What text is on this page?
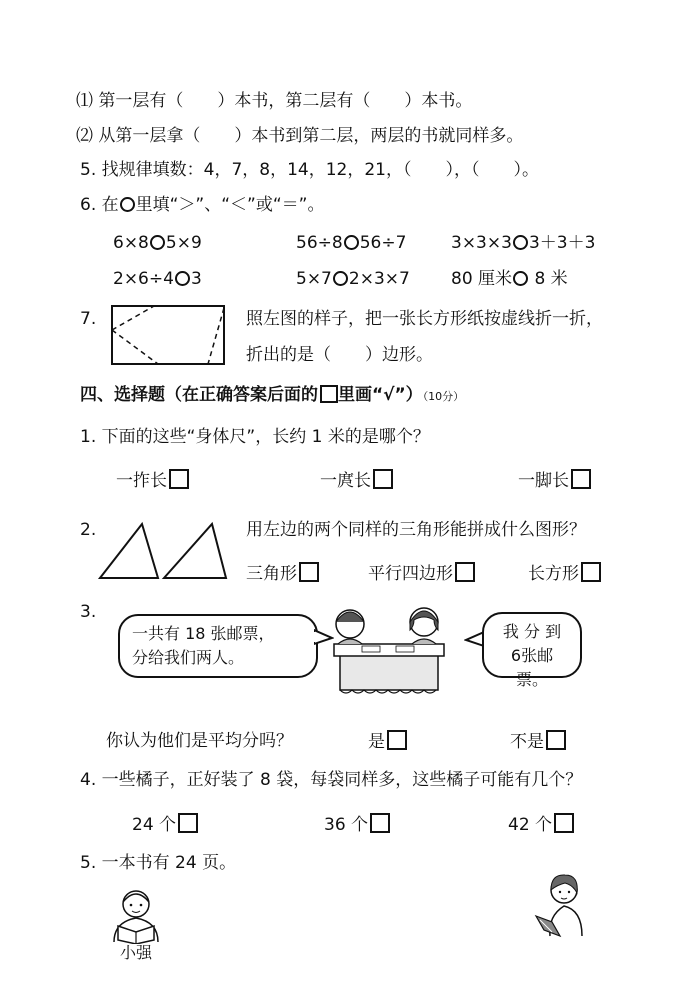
⑴ 第一层有（　　）本书，第二层有（　　）本书。
⑵ 从第一层拿（　　）本书到第二层，两层的书就同样多。
5. 找规律填数：4，7，8，14，12，21，（　　），（　　）。
6. 在 里填“＞”、“＜”或“＝”。
6×8 5×9	56÷8 56÷7	3×3×3 3＋3＋3
2×6÷4 3	5×7 2×3×7 80 厘米 8 米
7.	照左图的样子，把一张长方形纸按虚线折一折，
折出的是（　　）边形。
四、选择题（在正确答案后面的 里画“√”）（10分）
1. 下面的这些“身体尺”，长约 1 米的是哪个？
一拃长	一庹长	一脚长
2.	用左边的两个同样的三角形能拼成什么图形？
三角形	平行四边形	长方形
3.
一共有 18 张邮票，
分给我们两人。
我 分 到
6张邮票。
你认为他们是平均分吗？	是	不是
4. 一些橘子，正好装了 8 袋，每袋同样多，这些橘子可能有几个？
24 个	36 个	42 个
5. 一本书有 24 页。
小强
